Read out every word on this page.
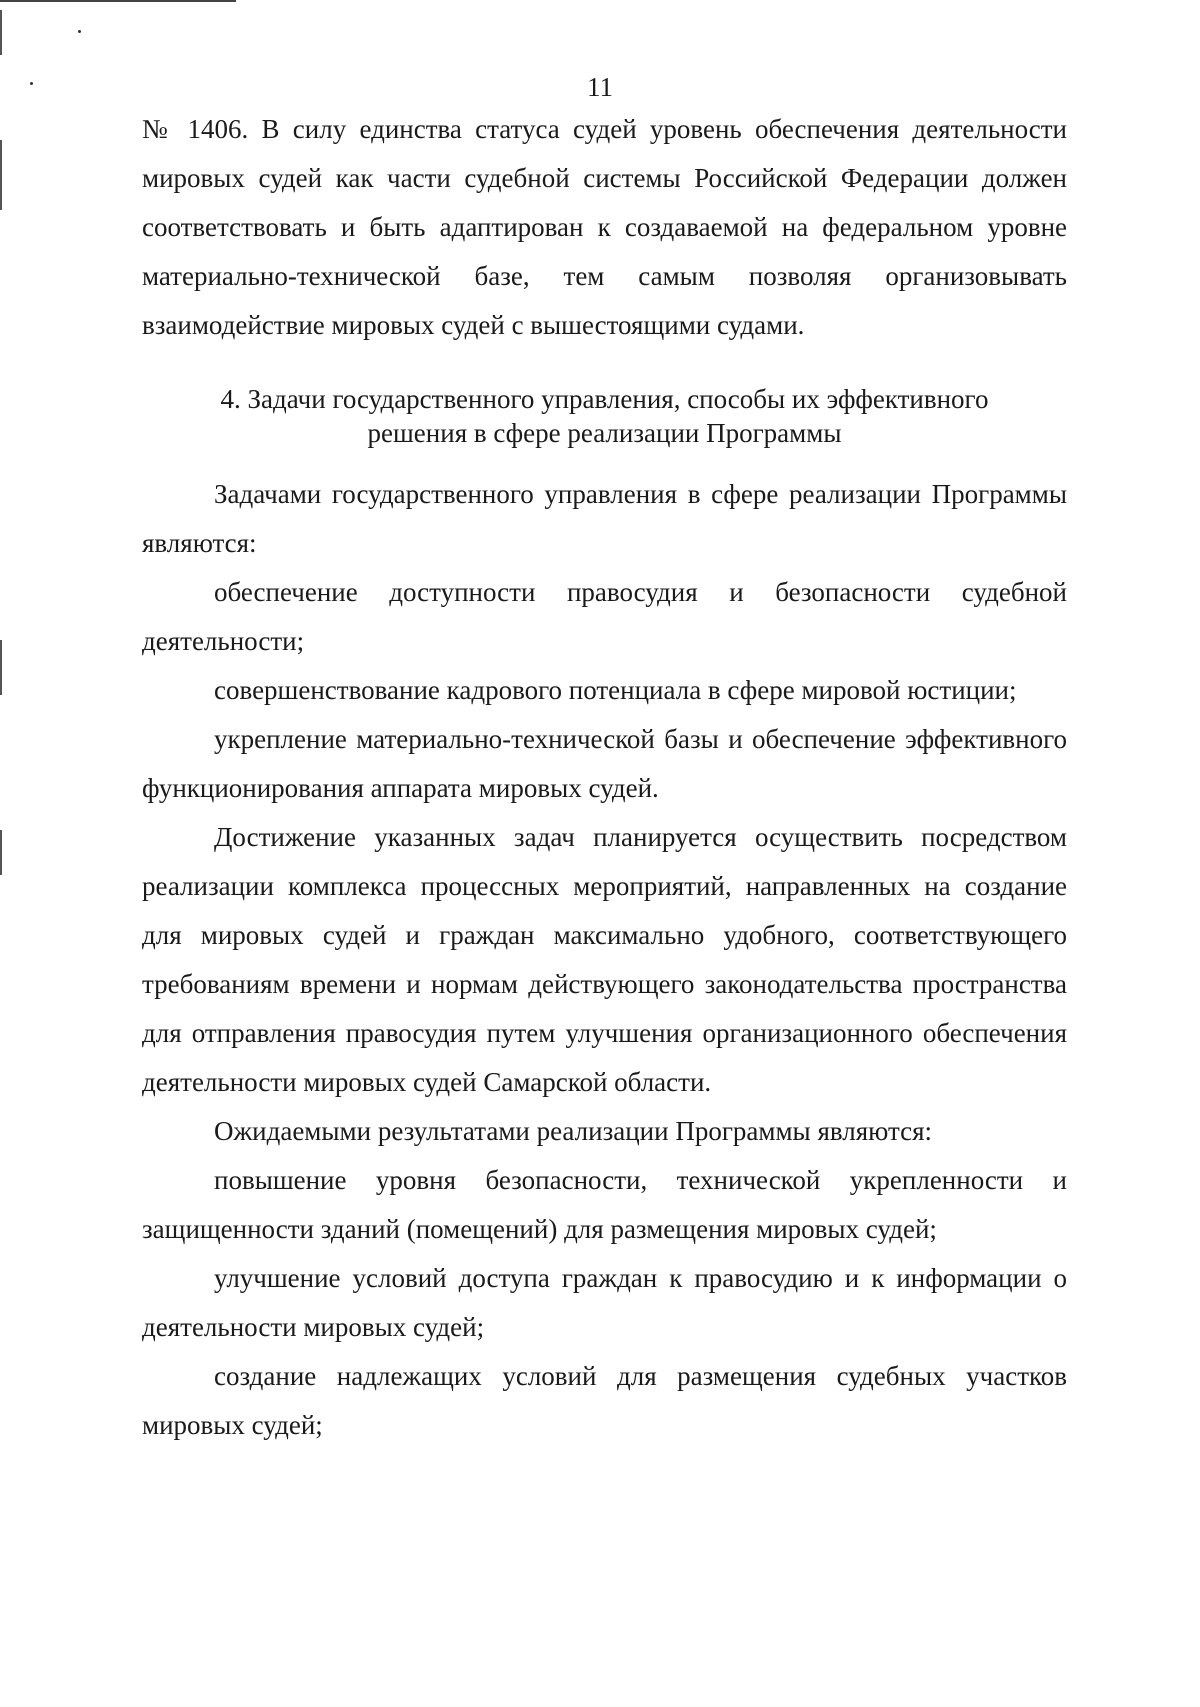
11

№ 1406. В силу единства статуса судей уровень обеспечения деятельности мировых судей как части судебной системы Российской Федерации должен соответствовать и быть адаптирован к создаваемой на федеральном уровне материально-технической базе, тем самым позволяя организовывать взаимодействие мировых судей с вышестоящими судами.

4. Задачи государственного управления, способы их эффективного
решения в сфере реализации Программы

Задачами государственного управления в сфере реализации Программы являются:

обеспечение доступности правосудия и безопасности судебной деятельности;

совершенствование кадрового потенциала в сфере мировой юстиции;

укрепление материально-технической базы и обеспечение эффективного функционирования аппарата мировых судей.

Достижение указанных задач планируется осуществить посредством реализации комплекса процессных мероприятий, направленных на создание для мировых судей и граждан максимально удобного, соответствующего требованиям времени и нормам действующего законодательства пространства для отправления правосудия путем улучшения организационного обеспечения деятельности мировых судей Самарской области.

Ожидаемыми результатами реализации Программы являются:

повышение уровня безопасности, технической укрепленности и защищенности зданий (помещений) для размещения мировых судей;

улучшение условий доступа граждан к правосудию и к информации о деятельности мировых судей;

создание надлежащих условий для размещения судебных участков мировых судей;
